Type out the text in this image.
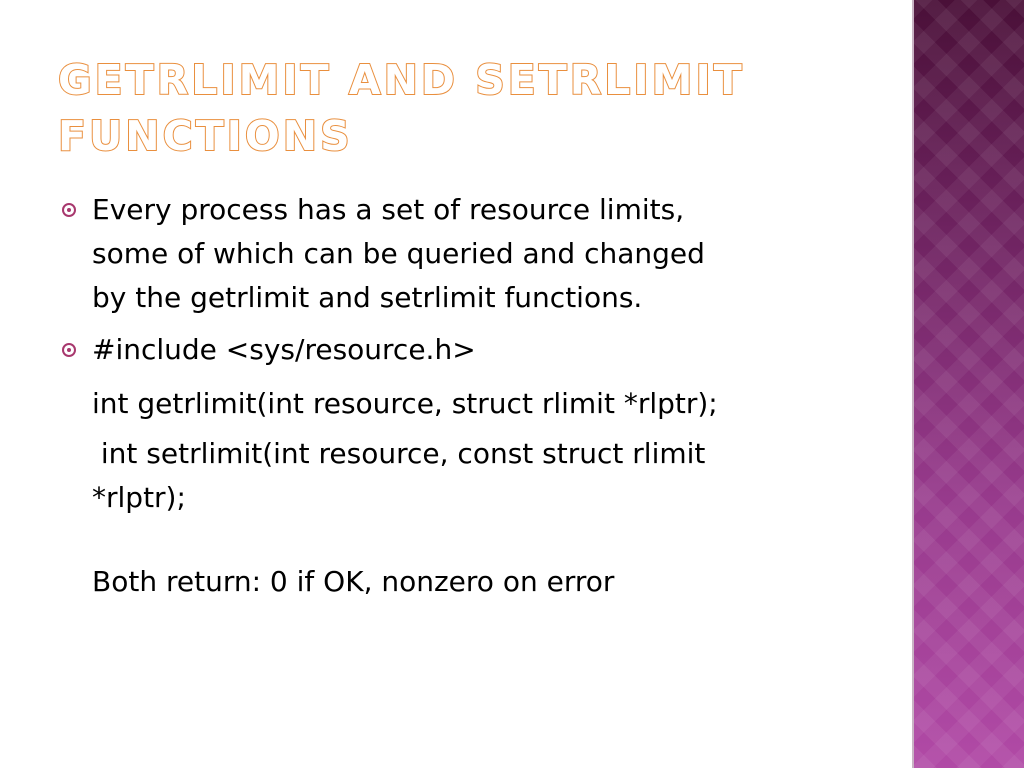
GETRLIMIT AND SETRLIMIT
FUNCTIONS
Every process has a set of resource limits,
some of which can be queried and changed
by the getrlimit and setrlimit functions.
#include <sys/resource.h>
int getrlimit(int resource, struct rlimit *rlptr);
int setrlimit(int resource, const struct rlimit
*rlptr);
Both return: 0 if OK, nonzero on error
